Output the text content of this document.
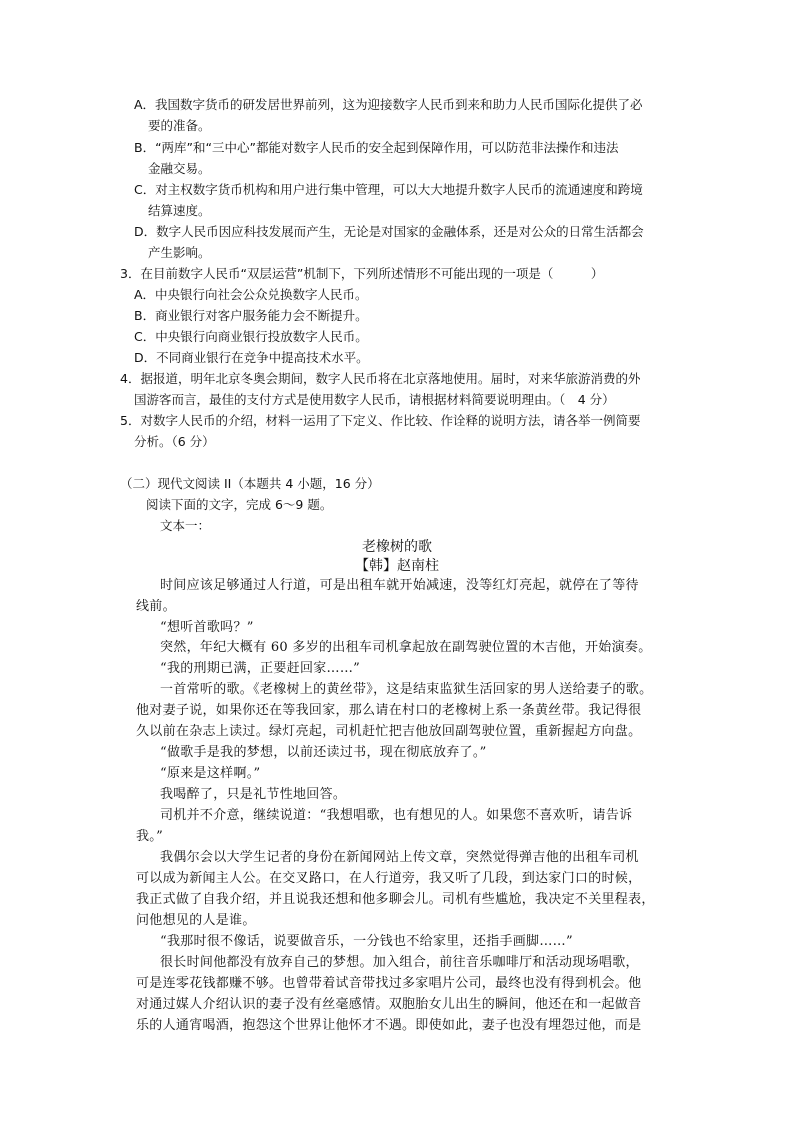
A．我国数字货币的研发居世界前列，这为迎接数字人民币到来和助力人民币国际化提供了必
要的准备。
B．“两库”和“三中心”都能对数字人民币的安全起到保障作用，可以防范非法操作和违法
金融交易。
C．对主权数字货币机构和用户进行集中管理，可以大大地提升数字人民币的流通速度和跨境
结算速度。
D．数字人民币因应科技发展而产生，无论是对国家的金融体系，还是对公众的日常生活都会
产生影响。
3．在目前数字人民币“双层运营”机制下，下列所述情形不可能出现的一项是（　　　）
A．中央银行向社会公众兑换数字人民币。
B．商业银行对客户服务能力会不断提升。
C．中央银行向商业银行投放数字人民币。
D．不同商业银行在竞争中提高技术水平。
4．据报道，明年北京冬奥会期间，数字人民币将在北京落地使用。届时，对来华旅游消费的外
国游客而言，最佳的支付方式是使用数字人民币，请根据材料简要说明理由。（　4 分）
5．对数字人民币的介绍，材料一运用了下定义、作比较、作诠释的说明方法，请各举一例简要
分析。（6 分）
（二）现代文阅读 II（本题共 4 小题，16 分）
阅读下面的文字，完成 6～9 题。
文本一：
老橡树的歌
【韩】赵南柱
时间应该足够通过人行道，可是出租车就开始减速，没等红灯亮起，就停在了等待
线前。
“想听首歌吗？”
突然，年纪大概有 60 多岁的出租车司机拿起放在副驾驶位置的木吉他，开始演奏。
“我的刑期已满，正要赶回家……”
一首常听的歌。《老橡树上的黄丝带》，这是结束监狱生活回家的男人送给妻子的歌。
他对妻子说，如果你还在等我回家，那么请在村口的老橡树上系一条黄丝带。我记得很
久以前在杂志上读过。绿灯亮起，司机赶忙把吉他放回副驾驶位置，重新握起方向盘。
“做歌手是我的梦想，以前还读过书，现在彻底放弃了。”
“原来是这样啊。”
我喝醉了，只是礼节性地回答。
司机并不介意，继续说道：“我想唱歌，也有想见的人。如果您不喜欢听，请告诉
我。”
我偶尔会以大学生记者的身份在新闻网站上传文章，突然觉得弹吉他的出租车司机
可以成为新闻主人公。在交叉路口，在人行道旁，我又听了几段，到达家门口的时候，
我正式做了自我介绍，并且说我还想和他多聊会儿。司机有些尴尬，我决定不关里程表，
问他想见的人是谁。
“我那时很不像话，说要做音乐，一分钱也不给家里，还指手画脚……”
很长时间他都没有放弃自己的梦想。加入组合，前往音乐咖啡厅和活动现场唱歌，
可是连零花钱都赚不够。也曾带着试音带找过多家唱片公司，最终也没有得到机会。他
对通过媒人介绍认识的妻子没有丝毫感情。双胞胎女儿出生的瞬间，他还在和一起做音
乐的人通宵喝酒，抱怨这个世界让他怀才不遇。即使如此，妻子也没有埋怨过他，而是
